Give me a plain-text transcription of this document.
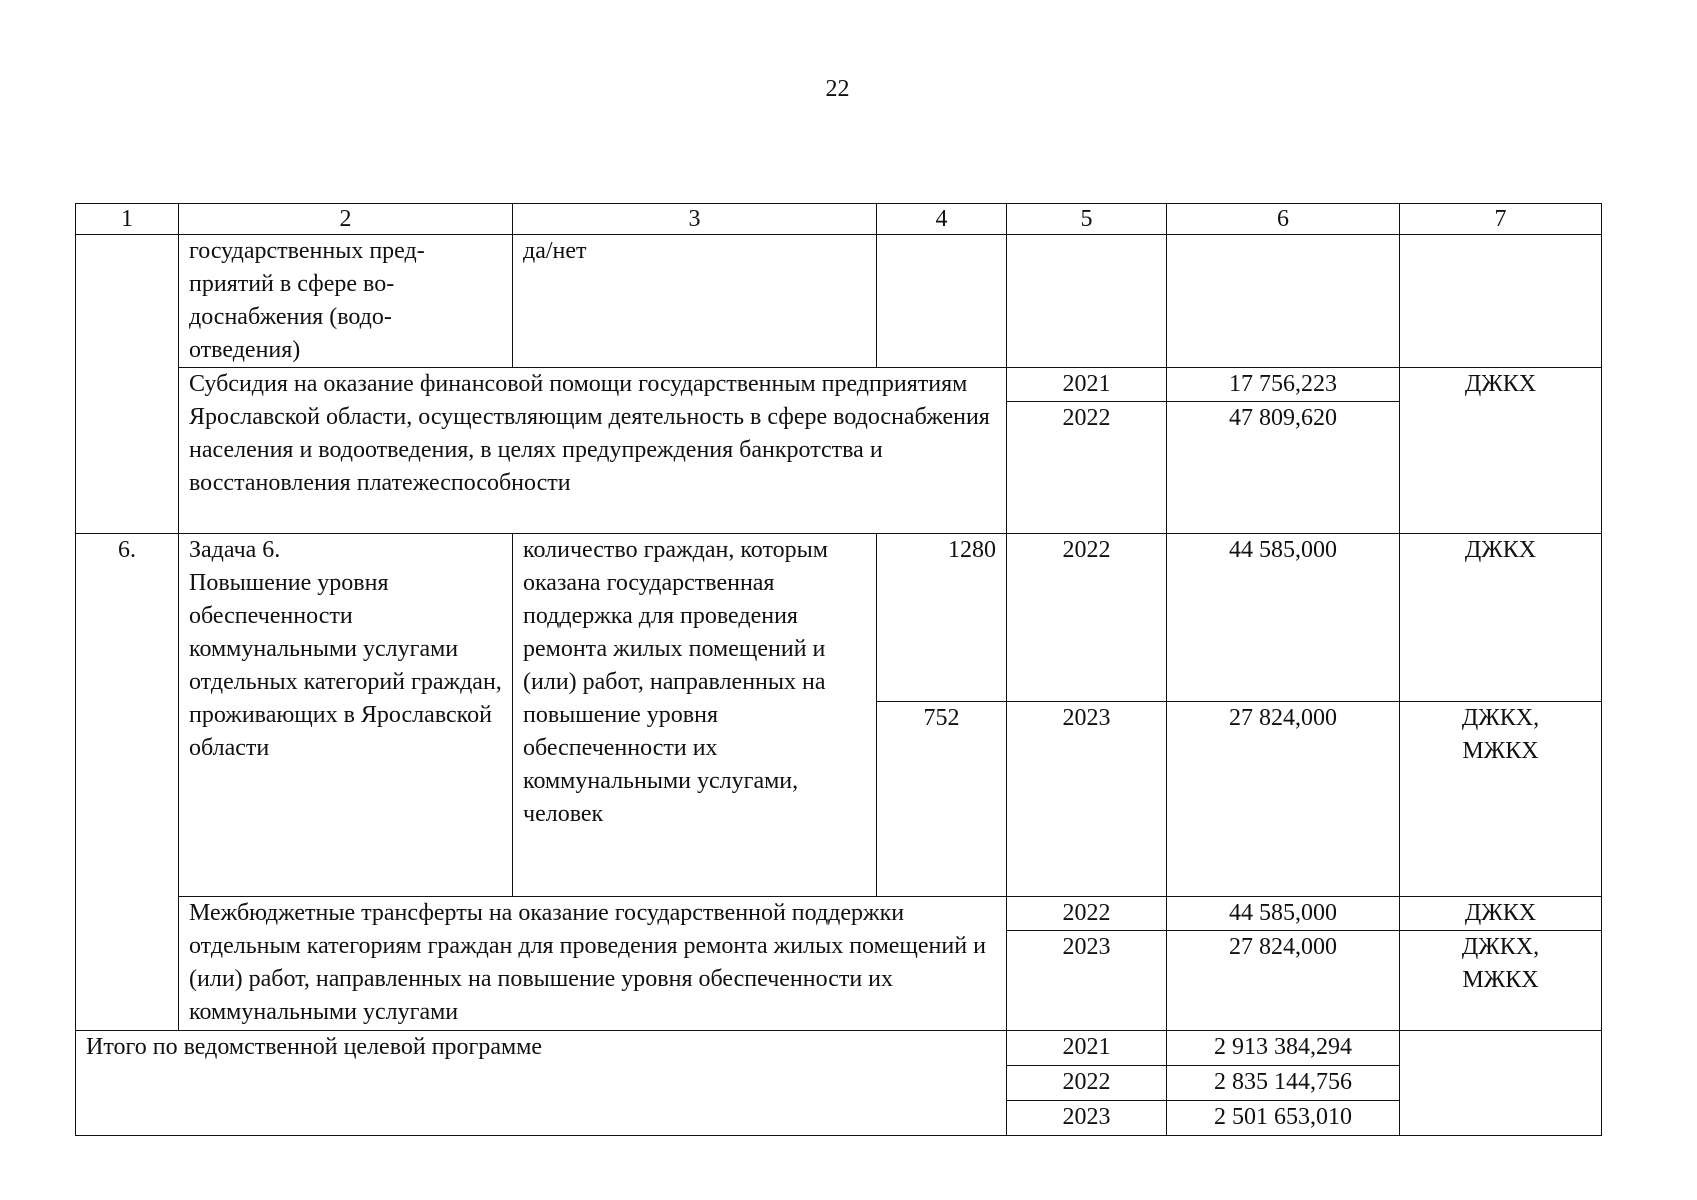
22
1	2	3	4	5	6	7
	государственных пред-
приятий в сфере во-
доснабжения (водо-
отведения)	да/нет				
	Субсидия на оказание финансовой помощи государственным предприятиям Ярославской области, осуществляющим деятельность в сфере водоснабжения населения и водоотведения, в целях предупреждения банкротства и восстановления платежеспособности			2021	17 756,223	ДЖКХ
				2022	47 809,620	
6.	Задача 6.
Повышение уровня обеспеченности коммунальными услугами отдельных категорий граждан, проживающих в Ярославской области	количество граждан, которым оказана государственная поддержка для проведения ремонта жилых помещений и (или) работ, направленных на повышение уровня обеспеченности их коммунальными услугами, человек	1280	2022	44 585,000	ДЖКХ
			752	2023	27 824,000	ДЖКХ,
МЖКХ
	Межбюджетные трансферты на оказание государственной поддержки отдельным категориям граждан для проведения ремонта жилых помещений и (или) работ, направленных на повышение уровня обеспеченности их коммунальными услугами			2022	44 585,000	ДЖКХ
				2023	27 824,000	ДЖКХ,
МЖКХ
Итого по ведомственной целевой программе				2021	2 913 384,294	
				2022	2 835 144,756	
				2023	2 501 653,010	
